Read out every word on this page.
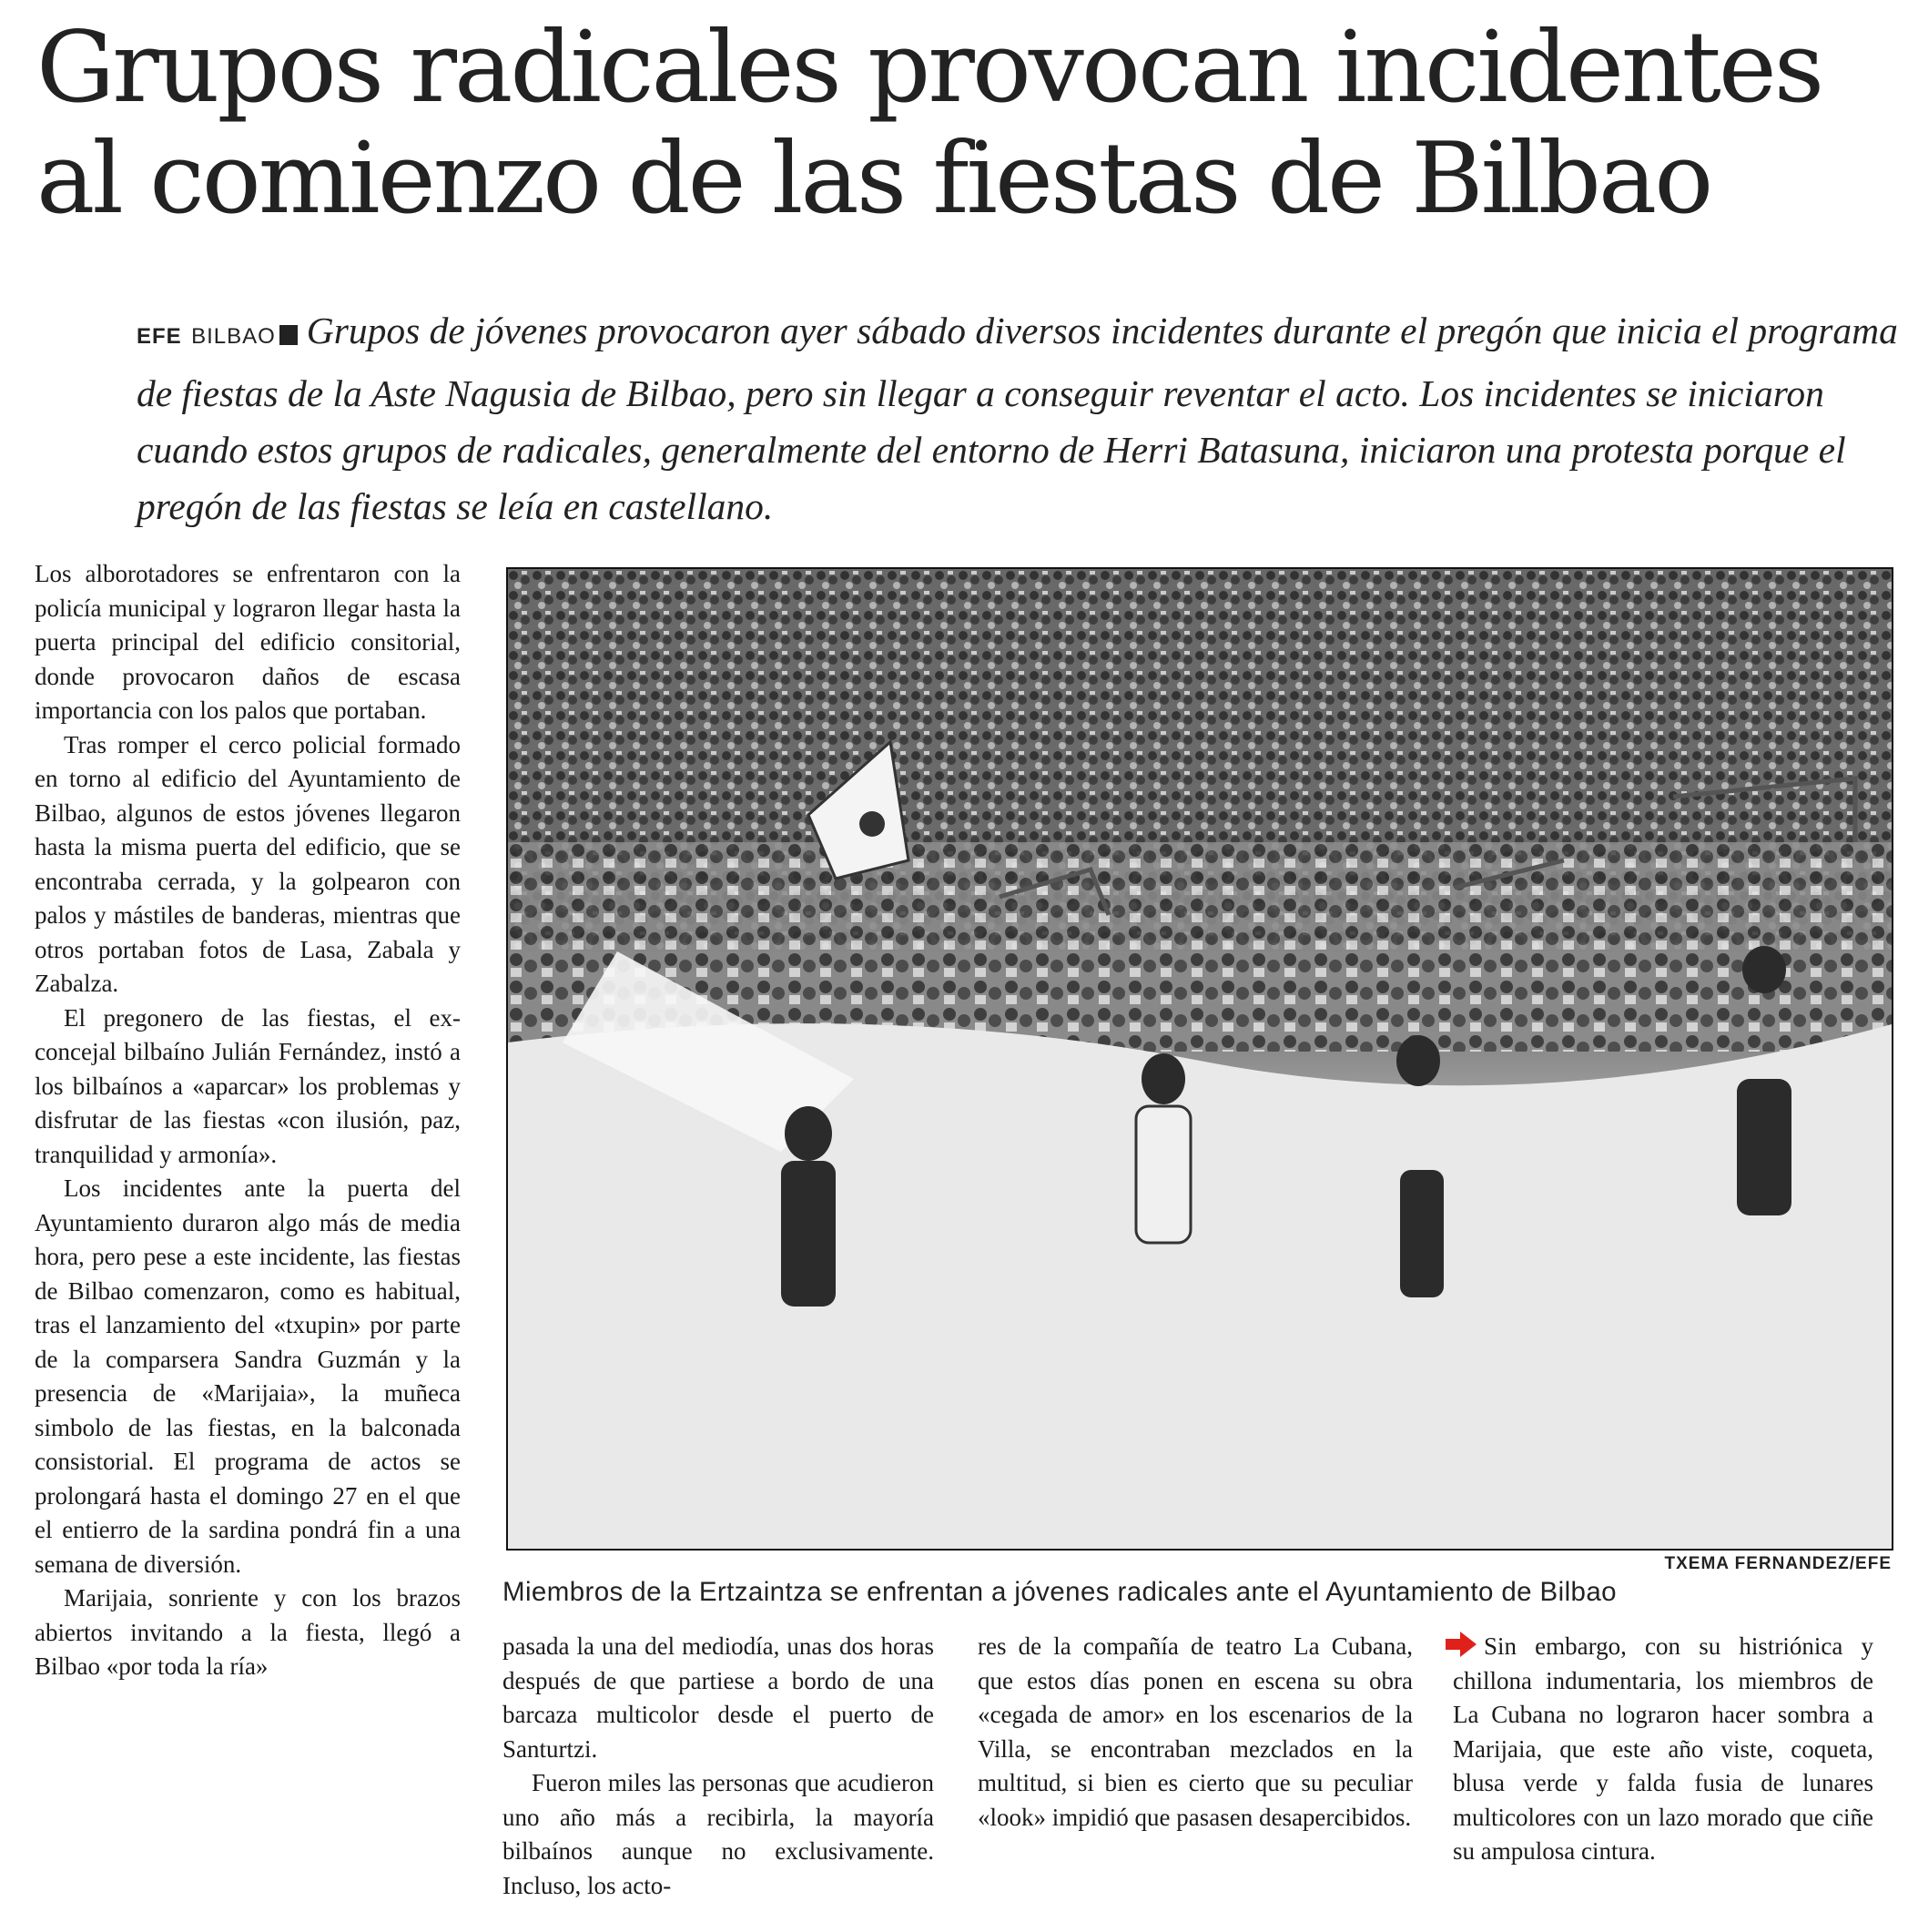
Grupos radicales provocan incidentes
al comienzo de las fiestas de Bilbao
EFE BILBAO Grupos de jóvenes provocaron ayer sábado diversos incidentes durante el pregón que inicia el programa de fiestas de la Aste Nagusia de Bilbao, pero sin llegar a conseguir reventar el acto. Los incidentes se iniciaron cuando estos grupos de radicales, generalmente del entorno de Herri Batasuna, iniciaron una protesta porque el pregón de las fiestas se leía en castellano.

Los alborotadores se enfrentaron con la policía municipal y lograron llegar hasta la puerta principal del edificio consitorial, donde provocaron daños de escasa importancia con los palos que portaban.

Tras romper el cerco policial formado en torno al edificio del Ayuntamiento de Bilbao, algunos de estos jóvenes llegaron hasta la misma puerta del edificio, que se encontraba cerrada, y la golpearon con palos y mástiles de banderas, mientras que otros portaban fotos de Lasa, Zabala y Zabalza.

El pregonero de las fiestas, el ex-concejal bilbaíno Julián Fernández, instó a los bilbaínos a «aparcar» los problemas y disfrutar de las fiestas «con ilusión, paz, tranquilidad y armonía».

Los incidentes ante la puerta del Ayuntamiento duraron algo más de media hora, pero pese a este incidente, las fiestas de Bilbao comenzaron, como es habitual, tras el lanzamiento del «txupin» por parte de la comparsera Sandra Guzmán y la presencia de «Marijaia», la muñeca simbolo de las fiestas, en la balconada consistorial. El programa de actos se prolongará hasta el domingo 27 en el que el entierro de la sardina pondrá fin a una semana de diversión.

Marijaia, sonriente y con los brazos abiertos invitando a la fiesta, llegó a Bilbao «por toda la ría»

TXEMA FERNANDEZ/EFE
Miembros de la Ertzaintza se enfrentan a jóvenes radicales ante el Ayuntamiento de Bilbao

pasada la una del mediodía, unas dos horas después de que partiese a bordo de una barcaza multicolor desde el puerto de Santurtzi.

Fueron miles las personas que acudieron uno año más a recibirla, la mayoría bilbaínos aunque no exclusivamente. Incluso, los acto-

res de la compañía de teatro La Cubana, que estos días ponen en escena su obra «cegada de amor» en los escenarios de la Villa, se encontraban mezclados en la multitud, si bien es cierto que su peculiar «look» impidió que pasasen desapercibidos.

Sin embargo, con su histriónica y chillona indumentaria, los miembros de La Cubana no lograron hacer sombra a Marijaia, que este año viste, coqueta, blusa verde y falda fusia de lunares multicolores con un lazo morado que ciñe su ampulosa cintura.
